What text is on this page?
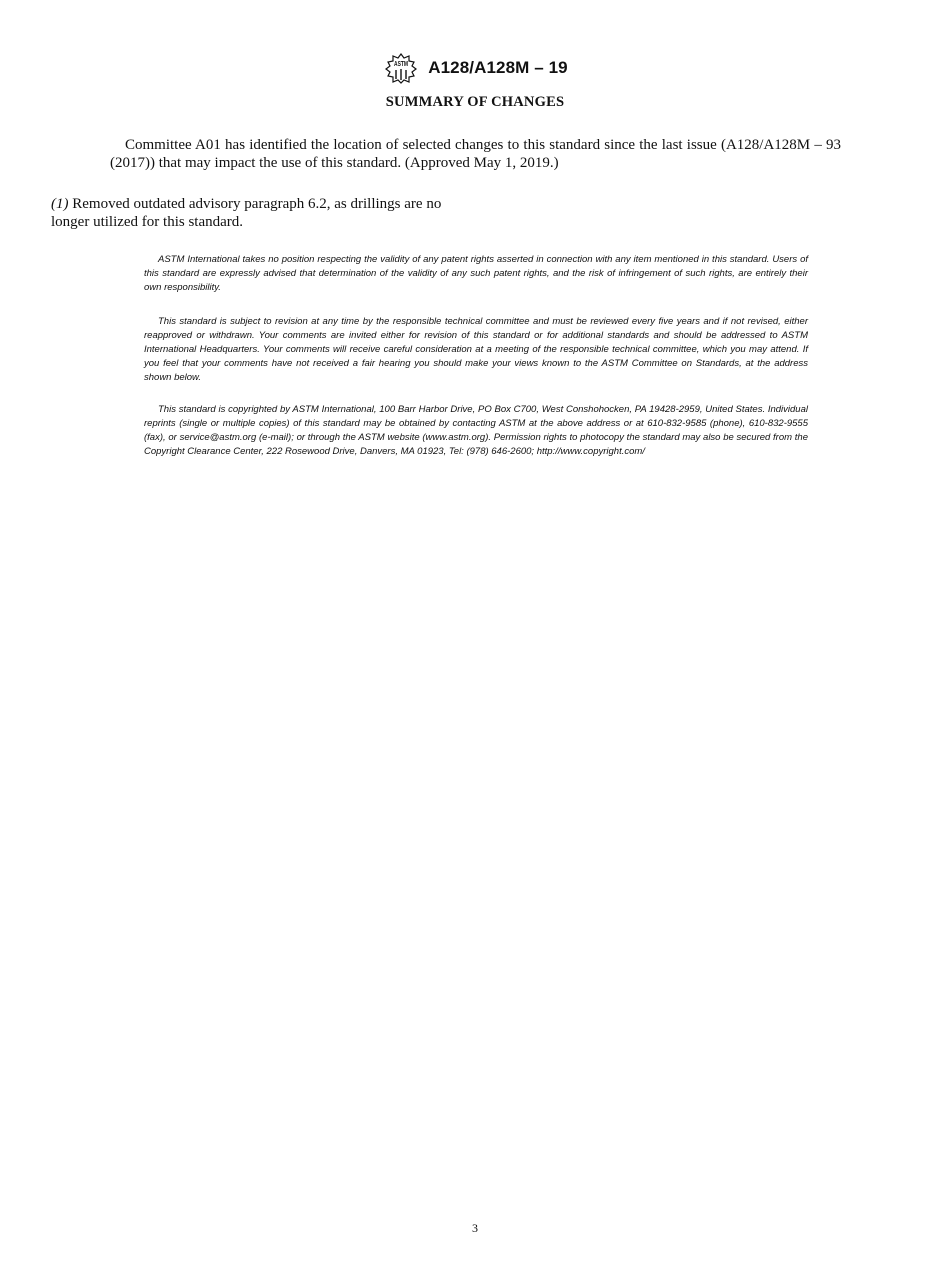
ASTM A128/A128M – 19
SUMMARY OF CHANGES

Committee A01 has identified the location of selected changes to this standard since the last issue (A128/A128M – 93 (2017)) that may impact the use of this standard. (Approved May 1, 2019.)

(1) Removed outdated advisory paragraph 6.2, as drillings are no longer utilized for this standard.

ASTM International takes no position respecting the validity of any patent rights asserted in connection with any item mentioned in this standard. Users of this standard are expressly advised that determination of the validity of any such patent rights, and the risk of infringement of such rights, are entirely their own responsibility.

This standard is subject to revision at any time by the responsible technical committee and must be reviewed every five years and if not revised, either reapproved or withdrawn. Your comments are invited either for revision of this standard or for additional standards and should be addressed to ASTM International Headquarters. Your comments will receive careful consideration at a meeting of the responsible technical committee, which you may attend. If you feel that your comments have not received a fair hearing you should make your views known to the ASTM Committee on Standards, at the address shown below.

This standard is copyrighted by ASTM International, 100 Barr Harbor Drive, PO Box C700, West Conshohocken, PA 19428-2959, United States. Individual reprints (single or multiple copies) of this standard may be obtained by contacting ASTM at the above address or at 610-832-9585 (phone), 610-832-9555 (fax), or service@astm.org (e-mail); or through the ASTM website (www.astm.org). Permission rights to photocopy the standard may also be secured from the Copyright Clearance Center, 222 Rosewood Drive, Danvers, MA 01923, Tel: (978) 646-2600; http://www.copyright.com/

3
